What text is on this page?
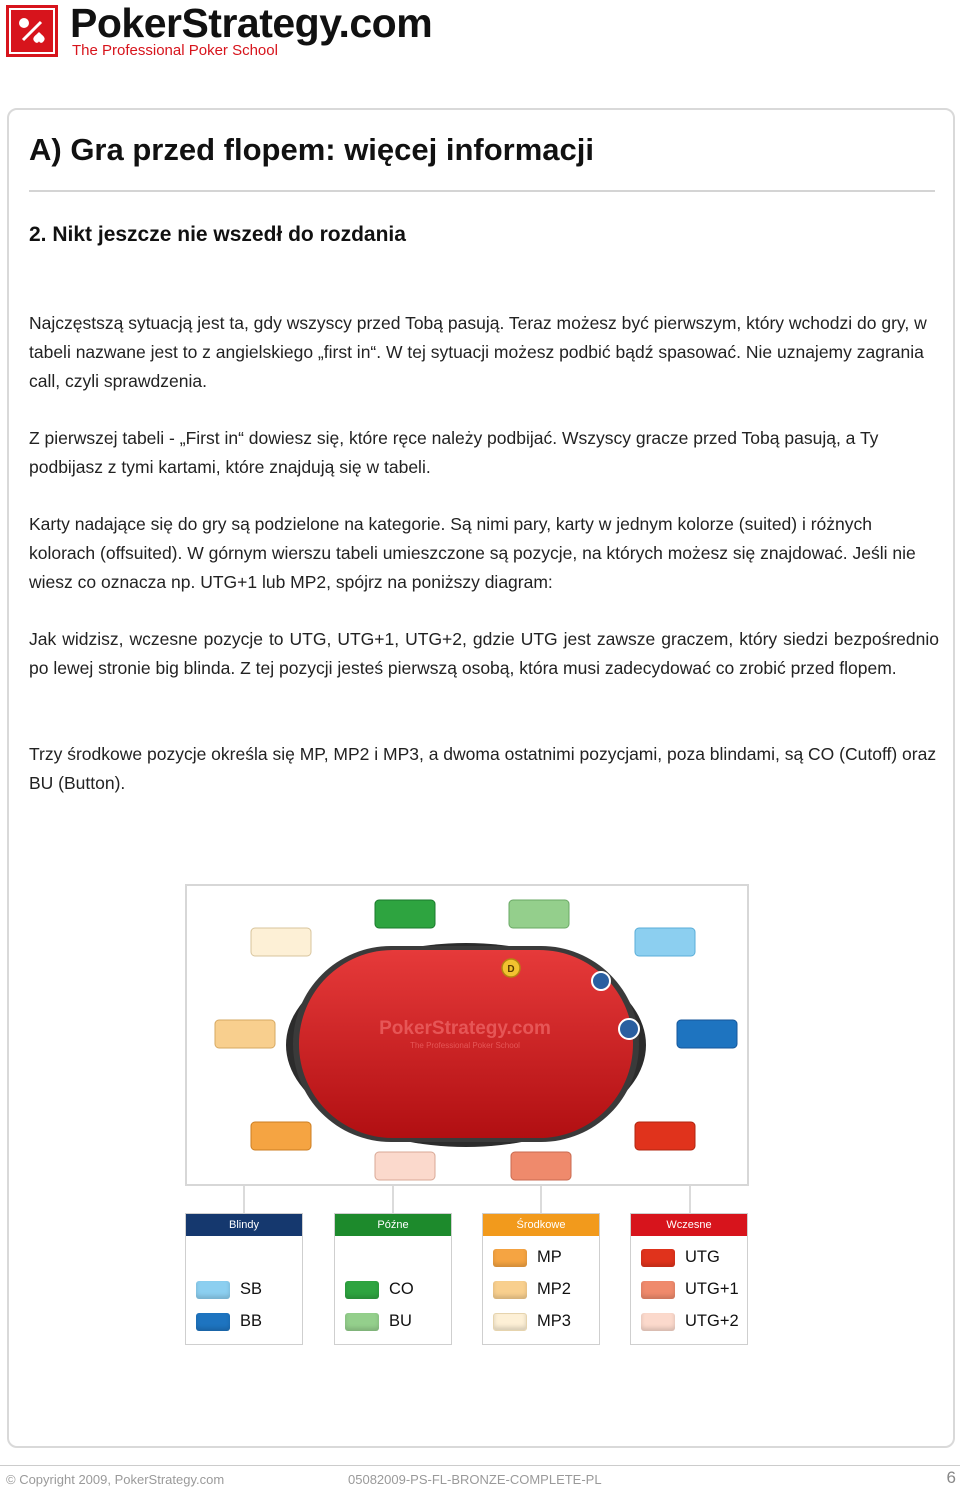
PokerStrategy.com
The Professional Poker School
A) Gra przed flopem: więcej informacji
2. Nikt jeszcze nie wszedł do rozdania
Najczęstszą sytuacją jest ta, gdy wszyscy przed Tobą pasują. Teraz możesz być pierwszym, który wchodzi do gry, w tabeli nazwane jest to z angielskiego „first in“. W tej sytuacji możesz podbić bądź spasować. Nie uznajemy zagrania call, czyli sprawdzenia.
Z pierwszej tabeli - „First in“ dowiesz się, które ręce należy podbijać. Wszyscy gracze przed Tobą pasują, a Ty podbijasz z tymi kartami, które znajdują się w tabeli.
Karty nadające się do gry są podzielone na kategorie. Są nimi pary, karty w jednym kolorze (suited) i różnych kolorach (offsuited). W górnym wierszu tabeli umieszczone są pozycje, na których możesz się znajdować. Jeśli nie wiesz co oznacza np. UTG+1 lub MP2, spójrz na poniższy diagram:
Jak widzisz, wczesne pozycje to UTG, UTG+1, UTG+2, gdzie UTG jest zawsze graczem, który siedzi bezpośrednio po lewej stronie big blinda. Z tej pozycji jesteś pierwszą osobą, która musi zadecydować co zrobić przed flopem.
Trzy środkowe pozycje określa się MP, MP2 i MP3, a dwoma ostatnimi pozycjami, poza blindami, są CO (Cutoff) oraz BU (Button).
PokerStrategy.com
The Professional Poker School
D
Blindy
SB
BB
Późne
CO
BU
Środkowe
MP
MP2
MP3
Wczesne
UTG
UTG+1
UTG+2
© Copyright 2009, PokerStrategy.com	05082009-PS-FL-BRONZE-COMPLETE-PL	6
